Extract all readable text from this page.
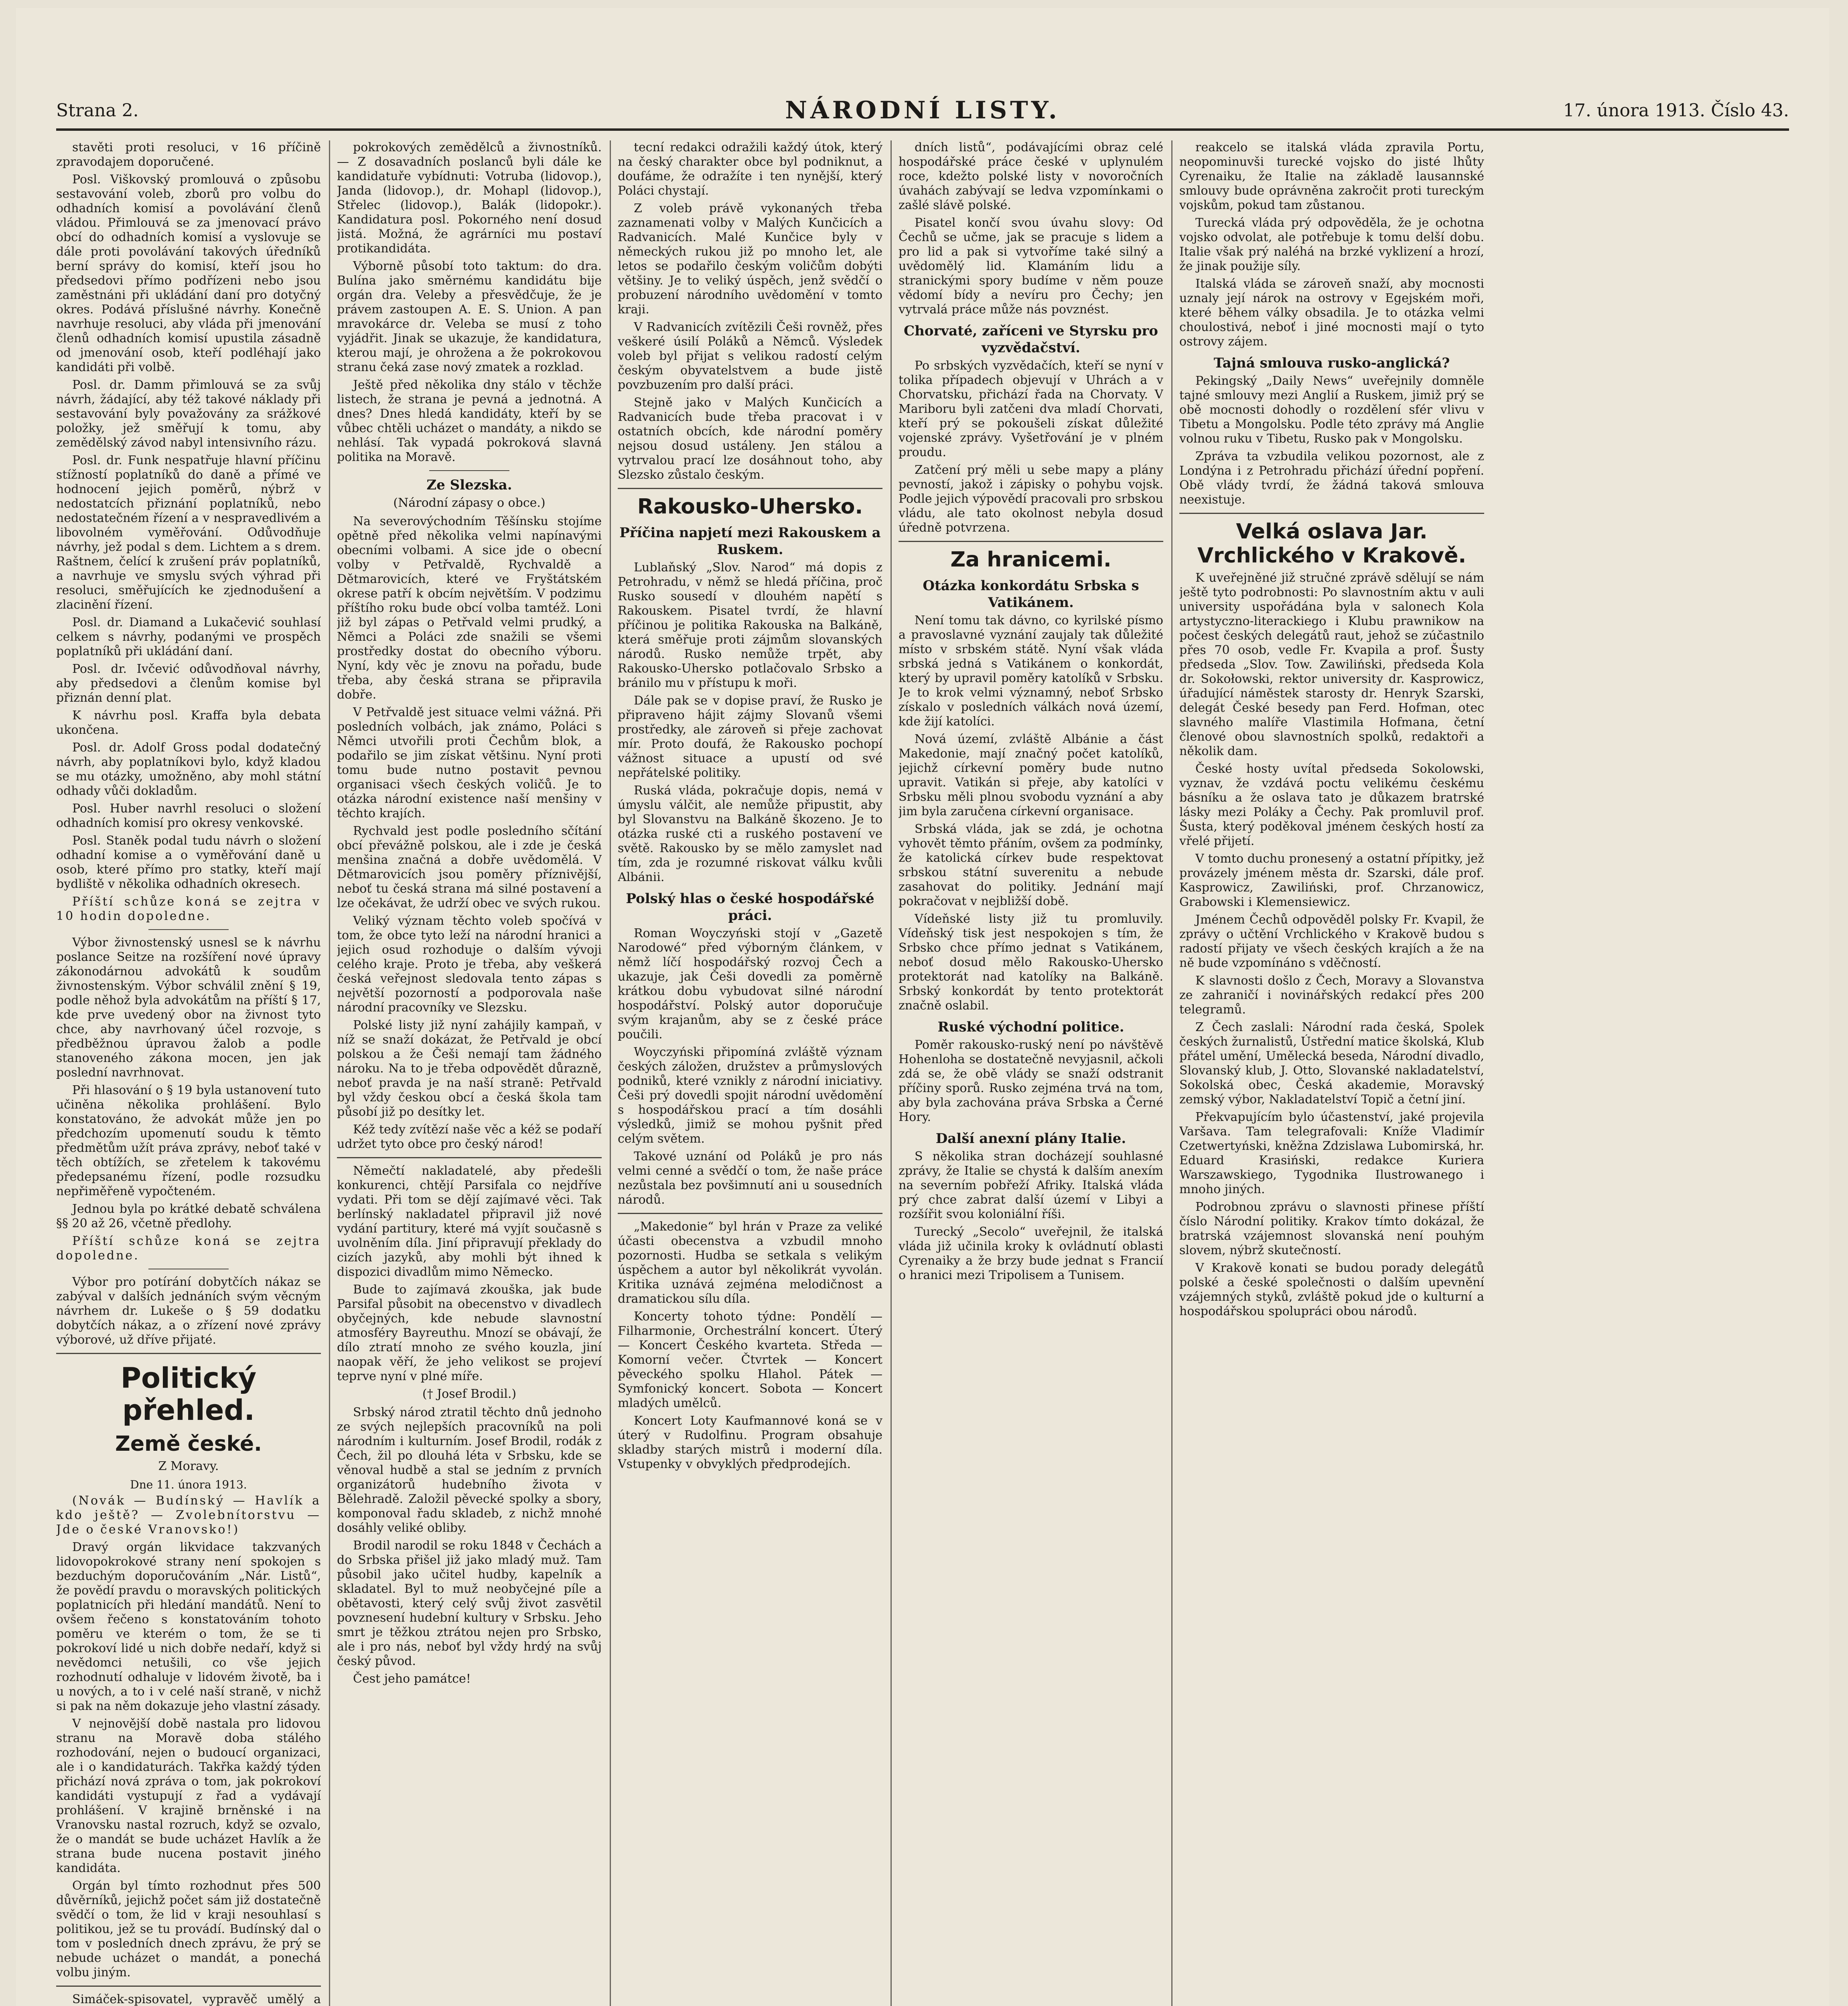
Strana 2.	NÁRODNÍ LISTY.	17. února 1913. Číslo 43.

stavěti proti resoluci, v 16 příčině zpravodajem doporučené.

Posl. Viškovský promlouvá o způsobu sestavování voleb, zborů pro volbu do odhadních komisí a povolávání členů vládou. Přimlouvá se za jmenovací právo obcí do odhadních komisí a vyslovuje se dále proti povolávání takových úředníků berní správy do komisí, kteří jsou ho předsedovi přímo podřízeni nebo jsou zaměstnáni při ukládání daní pro dotyčný okres. Podává příslušné návrhy. Konečně navrhuje resoluci, aby vláda při jmenování členů odhadních komisí upustila zásadně od jmenování osob, kteří podléhají jako kandidáti při volbě.

Posl. dr. Damm přimlouvá se za svůj návrh, žádající, aby též takové náklady při sestavování byly považovány za srážkové položky, jež směřují k tomu, aby zemědělský závod nabyl intensivního rázu.

Posl. dr. Funk nespatřuje hlavní příčinu stížností poplatníků do daně a přímé ve hodnocení jejich poměrů, nýbrž v nedostatcích přiznání poplatníků, nebo nedostatečném řízení a v nespravedlivém a libovolném vyměřování. Odůvodňuje návrhy, jež podal s dem. Lichtem a s drem. Raštnem, čelící k zrušení práv poplatníků, a navrhuje ve smyslu svých výhrad při resoluci, směřujících ke zjednodušení a zlacinění řízení.

Posl. dr. Diamand a Lukačević souhlasí celkem s návrhy, podanými ve prospěch poplatníků při ukládání daní.

Posl. dr. Ivčević odůvodňoval návrhy, aby předsedovi a členům komise byl přiznán denní plat.

K návrhu posl. Kraffa byla debata ukončena.

Posl. dr. Adolf Gross podal dodatečný návrh, aby poplatníkovi bylo, když kladou se mu otázky, umožněno, aby mohl státní odhady vůči dokladům.

Posl. Huber navrhl resoluci o složení odhadních komisí pro okresy venkovské.

Posl. Staněk podal tudu návrh o složení odhadní komise a o vyměřování daně u osob, které přímo pro statky, kteří mají bydliště v několika odhadních okresech.

Příští schůze koná se zejtra v 10 hodin dopoledne.

Výbor živnostenský usnesl se k návrhu poslance Seitze na rozšíření nové úpravy zákonodárnou advokátů k soudům živnostenským. Výbor schválil znění § 19, podle něhož byla advokátům na příští § 17, kde prve uvedený obor na živnost tyto chce, aby navrhovaný účel rozvoje, s předběžnou úpravou žalob a podle stanoveného zákona mocen, jen jak poslední navrhnovat.

Při hlasování o § 19 byla ustanovení tuto učiněna několika prohlášení. Bylo konstatováno, že advokát může jen po předchozím upomenutí soudu k těmto předmětům užít práva zprávy, neboť také v těch obtížích, se zřetelem k takovému předepsanému řízení, podle rozsudku nepřiměřeně vypočteném.

Jednou byla po krátké debatě schválena §§ 20 až 26, včetně předlohy.

Příští schůze koná se zejtra dopoledne.

Výbor pro potírání dobytčích nákaz se zabýval v dalších jednáních svým věcným návrhem dr. Lukeše o § 59 dodatku dobytčích nákaz, a o zřízení nové zprávy výborové, už dříve přijaté.

Politický přehled.
Země české.
Z Moravy.
Dne 11. února 1913.

(Novák — Budínský — Havlík a kdo ještě? — Zvolebnítorstvu — Jde o české Vranovsko!)

Dravý orgán likvidace takzvaných lidovopokrokové strany není spokojen s bezduchým doporučováním „Nár. Listů“, že povědí pravdu o moravských politických poplatnicích při hledání mandátů. Není to ovšem řečeno s konstatováním tohoto poměru ve kterém o tom, že se ti pokrokoví lidé u nich dobře nedaří, když si nevědomci netušili, co vše jejich rozhodnutí odhaluje v lidovém životě, ba i u nových, a to i v celé naší straně, v nichž si pak na něm dokazuje jeho vlastní zásady.

V nejnovější době nastala pro lidovou stranu na Moravě doba stálého rozhodování, nejen o budoucí organizaci, ale i o kandidaturách. Takřka každý týden přichází nová zpráva o tom, jak pokrokoví kandidáti vystupují z řad a vydávají prohlášení. V krajině brněnské i na Vranovsku nastal rozruch, když se ozvalo, že o mandát se bude ucházet Havlík a že strana bude nucena postavit jiného kandidáta.

Orgán byl tímto rozhodnut přes 500 důvěrníků, jejichž počet sám již dostatečně svědčí o tom, že lid v kraji nesouhlasí s politikou, jež se tu provádí. Budínský dal o tom v posledních dnech zprávu, že prý se nebude ucházet o mandát, a ponechá volbu jiným.

Simáček-spisovatel, vypravěč umělý a

pokrokových zemědělců a živnostníků. — Z dosavadních poslanců byli dále ke kandidatuře vybídnuti: Votruba (lidovop.), Janda (lidovop.), dr. Mohapl (lidovop.), Střelec (lidovop.), Balák (lidopokr.). Kandidatura posl. Pokorného není dosud jistá. Možná, že agrárníci mu postaví protikandidáta.

Výborně působí toto taktum: do dra. Bulína jako směrnému kandidátu bije orgán dra. Veleby a přesvědčuje, že je právem zastoupen A. E. S. Union. A pan mravokárce dr. Veleba se musí z toho vyjádřit. Jinak se ukazuje, že kandidatura, kterou mají, je ohrožena a že pokrokovou stranu čeká zase nový zmatek a rozklad.

Ještě před několika dny stálo v těchže listech, že strana je pevná a jednotná. A dnes? Dnes hledá kandidáty, kteří by se vůbec chtěli ucházet o mandáty, a nikdo se nehlásí. Tak vypadá pokroková slavná politika na Moravě.

Ze Slezska.
(Národní zápasy o obce.)

Na severovýchodním Těšínsku stojíme opětně před několika velmi napínavými obecními volbami. A sice jde o obecní volby v Petřvaldě, Rychvaldě a Dětmarovicích, které ve Fryštátském okrese patří k obcím největším. V podzimu příštího roku bude obcí volba tamtéž. Loni již byl zápas o Petřvald velmi prudký, a Němci a Poláci zde snažili se všemi prostředky dostat do obecního výboru. Nyní, kdy věc je znovu na pořadu, bude třeba, aby česká strana se připravila dobře.

V Petřvaldě jest situace velmi vážná. Při posledních volbách, jak známo, Poláci s Němci utvořili proti Čechům blok, a podařilo se jim získat většinu. Nyní proti tomu bude nutno postavit pevnou organisaci všech českých voličů. Je to otázka národní existence naší menšiny v těchto krajích.

Rychvald jest podle posledního sčítání obcí převážně polskou, ale i zde je česká menšina značná a dobře uvědomělá. V Dětmarovicích jsou poměry příznivější, neboť tu česká strana má silné postavení a lze očekávat, že udrží obec ve svých rukou.

Veliký význam těchto voleb spočívá v tom, že obce tyto leží na národní hranici a jejich osud rozhoduje o dalším vývoji celého kraje. Proto je třeba, aby veškerá česká veřejnost sledovala tento zápas s největší pozorností a podporovala naše národní pracovníky ve Slezsku.

Polské listy již nyní zahájily kampaň, v níž se snaží dokázat, že Petřvald je obcí polskou a že Češi nemají tam žádného nároku. Na to je třeba odpovědět důrazně, neboť pravda je na naší straně: Petřvald byl vždy českou obcí a česká škola tam působí již po desítky let.

Kéž tedy zvítězí naše věc a kéž se podaří udržet tyto obce pro český národ!

Němečtí nakladatelé, aby předešli konkurenci, chtějí Parsifala co nejdříve vydati. Při tom se dějí zajímavé věci. Tak berlínský nakladatel připravil již nové vydání partitury, které má vyjít současně s uvolněním díla. Jiní připravují překlady do cizích jazyků, aby mohli být ihned k dispozici divadlům mimo Německo.

Bude to zajímavá zkouška, jak bude Parsifal působit na obecenstvo v divadlech obyčejných, kde nebude slavnostní atmosféry Bayreuthu. Mnozí se obávají, že dílo ztratí mnoho ze svého kouzla, jiní naopak věří, že jeho velikost se projeví teprve nyní v plné míře.

(† Josef Brodil.)

Srbský národ ztratil těchto dnů jednoho ze svých nejlepších pracovníků na poli národním i kulturním. Josef Brodil, rodák z Čech, žil po dlouhá léta v Srbsku, kde se věnoval hudbě a stal se jedním z prvních organizátorů hudebního života v Bělehradě. Založil pěvecké spolky a sbory, komponoval řadu skladeb, z nichž mnohé dosáhly veliké obliby.

Brodil narodil se roku 1848 v Čechách a do Srbska přišel již jako mladý muž. Tam působil jako učitel hudby, kapelník a skladatel. Byl to muž neobyčejné píle a obětavosti, který celý svůj život zasvětil povznesení hudební kultury v Srbsku. Jeho smrt je těžkou ztrátou nejen pro Srbsko, ale i pro nás, neboť byl vždy hrdý na svůj český původ.

Čest jeho památce!

tecní redakci odražili každý útok, který na český charakter obce byl podniknut, a doufáme, že odražíte i ten nynější, který Poláci chystají.

Z voleb právě vykonaných třeba zaznamenati volby v Malých Kunčicích a Radvanicích. Malé Kunčice byly v německých rukou již po mnoho let, ale letos se podařilo českým voličům dobýti většiny. Je to veliký úspěch, jenž svědčí o probuzení národního uvědomění v tomto kraji.

V Radvanicích zvítězili Češi rovněž, přes veškeré úsilí Poláků a Němců. Výsledek voleb byl přijat s velikou radostí celým českým obyvatelstvem a bude jistě povzbuzením pro další práci.

Stejně jako v Malých Kunčicích a Radvanicích bude třeba pracovat i v ostatních obcích, kde národní poměry nejsou dosud ustáleny. Jen stálou a vytrvalou prací lze dosáhnout toho, aby Slezsko zůstalo českým.

Rakousko-Uhersko.
Příčina napjetí mezi Rakouskem a Ruskem.

Lublaňský „Slov. Narod“ má dopis z Petrohradu, v němž se hledá příčina, proč Rusko sousedí v dlouhém napětí s Rakouskem. Pisatel tvrdí, že hlavní příčinou je politika Rakouska na Balkáně, která směřuje proti zájmům slovanských národů. Rusko nemůže trpět, aby Rakousko-Uhersko potlačovalo Srbsko a bránilo mu v přístupu k moři.

Dále pak se v dopise praví, že Rusko je připraveno hájit zájmy Slovanů všemi prostředky, ale zároveň si přeje zachovat mír. Proto doufá, že Rakousko pochopí vážnost situace a upustí od své nepřátelské politiky.

Ruská vláda, pokračuje dopis, nemá v úmyslu válčit, ale nemůže připustit, aby byl Slovanstvu na Balkáně škozeno. Je to otázka ruské cti a ruského postavení ve světě. Rakousko by se mělo zamyslet nad tím, zda je rozumné riskovat válku kvůli Albánii.

Polský hlas o české hospodářské práci.

Roman Woyczyński stojí v „Gazetě Narodowé“ před výborným článkem, v němž líčí hospodářský rozvoj Čech a ukazuje, jak Češi dovedli za poměrně krátkou dobu vybudovat silné národní hospodářství. Polský autor doporučuje svým krajanům, aby se z české práce poučili.

Woyczyński připomíná zvláště význam českých záložen, družstev a průmyslových podniků, které vznikly z národní iniciativy. Češi prý dovedli spojit národní uvědomění s hospodářskou prací a tím dosáhli výsledků, jimiž se mohou pyšnit před celým světem.

Takové uznání od Poláků je pro nás velmi cenné a svědčí o tom, že naše práce nezůstala bez povšimnutí ani u sousedních národů.

„Makedonie“ byl hrán v Praze za veliké účasti obecenstva a vzbudil mnoho pozornosti. Hudba se setkala s velikým úspěchem a autor byl několikrát vyvolán. Kritika uznává zejména melodičnost a dramatickou sílu díla.

Koncerty tohoto týdne: Pondělí — Filharmonie, Orchestrální koncert. Úterý — Koncert Českého kvarteta. Středa — Komorní večer. Čtvrtek — Koncert pěveckého spolku Hlahol. Pátek — Symfonický koncert. Sobota — Koncert mladých umělců.

Koncert Loty Kaufmannové koná se v úterý v Rudolfinu. Program obsahuje skladby starých mistrů i moderní díla. Vstupenky v obvyklých předprodejích.

dních listů“, podávajícími obraz celé hospodářské práce české v uplynulém roce, kdežto polské listy v novoročních úvahách zabývají se ledva vzpomínkami o zašlé slávě polské.

Pisatel končí svou úvahu slovy: Od Čechů se učme, jak se pracuje s lidem a pro lid a pak si vytvoříme také silný a uvědomělý lid. Klamáním lidu a stranickými spory budíme v něm pouze vědomí bídy a nevíru pro Čechy; jen vytrvalá práce může nás povznést.

Chorvaté, zaříceni ve Styrsku pro vyzvědačství.

Po srbských vyzvědačích, kteří se nyní v tolika případech objevují v Uhrách a v Chorvatsku, přichází řada na Chorvaty. V Mariboru byli zatčeni dva mladí Chorvati, kteří prý se pokoušeli získat důležité vojenské zprávy. Vyšetřování je v plném proudu.

Zatčení prý měli u sebe mapy a plány pevností, jakož i zápisky o pohybu vojsk. Podle jejich výpovědí pracovali pro srbskou vládu, ale tato okolnost nebyla dosud úředně potvrzena.

Za hranicemi.
Otázka konkordátu Srbska s Vatikánem.

Není tomu tak dávno, co kyrilské písmo a pravoslavné vyznání zaujaly tak důležité místo v srbském státě. Nyní však vláda srbská jedná s Vatikánem o konkordát, který by upravil poměry katolíků v Srbsku. Je to krok velmi významný, neboť Srbsko získalo v posledních válkách nová území, kde žijí katolíci.

Nová území, zvláště Albánie a část Makedonie, mají značný počet katolíků, jejichž církevní poměry bude nutno upravit. Vatikán si přeje, aby katolíci v Srbsku měli plnou svobodu vyznání a aby jim byla zaručena církevní organisace.

Srbská vláda, jak se zdá, je ochotna vyhovět těmto přáním, ovšem za podmínky, že katolická církev bude respektovat srbskou státní suverenitu a nebude zasahovat do politiky. Jednání mají pokračovat v nejbližší době.

Vídeňské listy již tu promluvily. Vídeňský tisk jest nespokojen s tím, že Srbsko chce přímo jednat s Vatikánem, neboť dosud mělo Rakousko-Uhersko protektorát nad katolíky na Balkáně. Srbský konkordát by tento protektorát značně oslabil.

Ruské východní politice.

Poměr rakousko-ruský není po návštěvě Hohenloha se dostatečně nevyjasnil, ačkoli zdá se, že obě vlády se snaží odstranit příčiny sporů. Rusko zejména trvá na tom, aby byla zachována práva Srbska a Černé Hory.

Další anexní plány Italie.

S několika stran docházejí souhlasné zprávy, že Italie se chystá k dalším anexím na severním pobřeží Afriky. Italská vláda prý chce zabrat další území v Libyi a rozšířit svou koloniální říši.

Turecký „Secolo“ uveřejnil, že italská vláda již učinila kroky k ovládnutí oblasti Cyrenaiky a že brzy bude jednat s Francií o hranici mezi Tripolisem a Tunisem.

reakcelo se italská vláda zpravila Portu, neopominuvši turecké vojsko do jisté lhůty Cyrenaiku, že Italie na základě lausannské smlouvy bude oprávněna zakročit proti tureckým vojskům, pokud tam zůstanou.

Turecká vláda prý odpověděla, že je ochotna vojsko odvolat, ale potřebuje k tomu delší dobu. Italie však prý naléhá na brzké vyklizení a hrozí, že jinak použije síly.

Italská vláda se zároveň snaží, aby mocnosti uznaly její nárok na ostrovy v Egejském moři, které během války obsadila. Je to otázka velmi choulostivá, neboť i jiné mocnosti mají o tyto ostrovy zájem.

Tajná smlouva rusko-anglická?

Pekingský „Daily News“ uveřejnily domněle tajné smlouvy mezi Anglií a Ruskem, jimiž prý se obě mocnosti dohodly o rozdělení sfér vlivu v Tibetu a Mongolsku. Podle této zprávy má Anglie volnou ruku v Tibetu, Rusko pak v Mongolsku.

Zpráva ta vzbudila velikou pozornost, ale z Londýna i z Petrohradu přichází úřední popření. Obě vlády tvrdí, že žádná taková smlouva neexistuje.

Velká oslava Jar. Vrchlického v Krakově.

K uveřejněné již stručné zprávě sdělují se nám ještě tyto podrobnosti: Po slavnostním aktu v auli university uspořádána byla v salonech Kola artystyczno-literackiego i Klubu prawnikow na počest českých delegátů raut, jehož se zúčastnilo přes 70 osob, vedle Fr. Kvapila a prof. Šusty předseda „Slov. Tow. Zawiliński, předseda Kola dr. Sokołowski, rektor university dr. Kasprowicz, úřadující náměstek starosty dr. Henryk Szarski, delegát České besedy pan Ferd. Hofman, otec slavného malíře Vlastimila Hofmana, četní členové obou slavnostních spolků, redaktoři a několik dam.

České hosty uvítal předseda Sokolowski, vyznav, že vzdává poctu velikému českému básníku a že oslava tato je důkazem bratrské lásky mezi Poláky a Čechy. Pak promluvil prof. Šusta, který poděkoval jménem českých hostí za vřelé přijetí.

V tomto duchu pronesený a ostatní přípitky, jež provázely jménem města dr. Szarski, dále prof. Kasprowicz, Zawiliński, prof. Chrzanowicz, Grabowski i Klemensiewicz.

Jménem Čechů odpověděl polsky Fr. Kvapil, že zprávy o učtění Vrchlického v Krakově budou s radostí přijaty ve všech českých krajích a že na ně bude vzpomínáno s vděčností.

K slavnosti došlo z Čech, Moravy a Slovanstva ze zahraničí i novinářských redakcí přes 200 telegramů.

Z Čech zaslali: Národní rada česká, Spolek českých žurnalistů, Ústřední matice školská, Klub přátel umění, Umělecká beseda, Národní divadlo, Slovanský klub, J. Otto, Slovanské nakladatelství, Sokolská obec, Česká akademie, Moravský zemský výbor, Nakladatelství Topič a četní jiní.

Překvapujícím bylo účastenství, jaké projevila Varšava. Tam telegrafovali: Kníže Vladimír Czetwertyński, kněžna Zdzislawa Lubomirská, hr. Eduard Krasiński, redakce Kuriera Warszawskiego, Tygodnika Ilustrowanego i mnoho jiných.

Podrobnou zprávu o slavnosti přinese příští číslo Národní politiky. Krakov tímto dokázal, že bratrská vzájemnost slovanská není pouhým slovem, nýbrž skutečností.

V Krakově konati se budou porady delegátů polské a české společnosti o dalším upevnění vzájemných styků, zvláště pokud jde o kulturní a hospodářskou spolupráci obou národů.
